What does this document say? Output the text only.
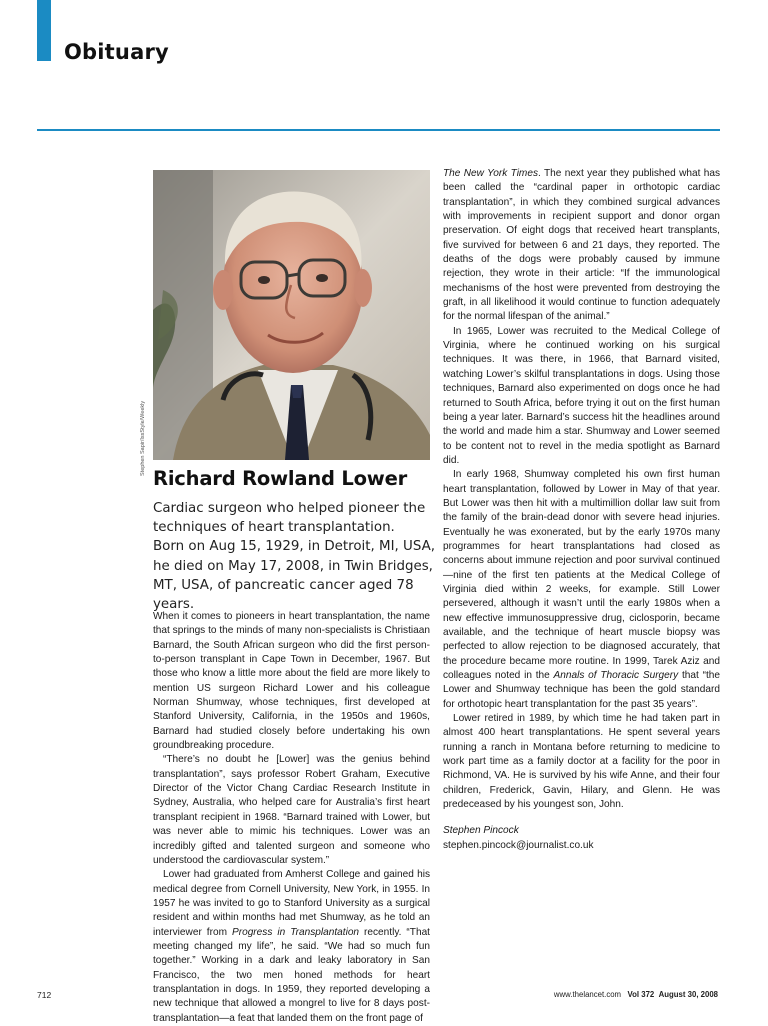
Obituary
Stephen Sapir/IssStyle/Weekly
Richard Rowland Lower

Cardiac surgeon who helped pioneer the techniques of heart transplantation.

Born on Aug 15, 1929, in Detroit, MI, USA, he died on May 17, 2008, in Twin Bridges, MT, USA, of pancreatic cancer aged 78 years.

When it comes to pioneers in heart transplantation, the name that springs to the minds of many non-specialists is Christiaan Barnard, the South African surgeon who did the first person-to-person transplant in Cape Town in December, 1967. But those who know a little more about the field are more likely to mention US surgeon Richard Lower and his colleague Norman Shumway, whose techniques, first developed at Stanford University, California, in the 1950s and 1960s, Barnard had studied closely before undertaking his own groundbreaking procedure.

“There’s no doubt he [Lower] was the genius behind transplantation”, says professor Robert Graham, Executive Director of the Victor Chang Cardiac Research Institute in Sydney, Australia, who helped care for Australia’s first heart transplant recipient in 1968. “Barnard trained with Lower, but was never able to mimic his techniques. Lower was an incredibly gifted and talented surgeon and someone who understood the cardiovascular system.”

Lower had graduated from Amherst College and gained his medical degree from Cornell University, New York, in 1955. In 1957 he was invited to go to Stanford University as a surgical resident and within months had met Shumway, as he told an interviewer from Progress in Transplantation recently. “That meeting changed my life”, he said. “We had so much fun together.” Working in a dark and leaky laboratory in San Francisco, the two men honed methods for heart transplantation in dogs. In 1959, they reported developing a new technique that allowed a mongrel to live for 8 days post-transplantation—a feat that landed them on the front page of

The New York Times. The next year they published what has been called the “cardinal paper in orthotopic cardiac transplantation”, in which they combined surgical advances with improvements in recipient support and donor organ preservation. Of eight dogs that received heart transplants, five survived for between 6 and 21 days, they reported. The deaths of the dogs were probably caused by immune rejection, they wrote in their article: “If the immunological mechanisms of the host were prevented from destroying the graft, in all likelihood it would continue to function adequately for the normal lifespan of the animal.”

In 1965, Lower was recruited to the Medical College of Virginia, where he continued working on his surgical techniques. It was there, in 1966, that Barnard visited, watching Lower’s skilful transplantations in dogs. Using those techniques, Barnard also experimented on dogs once he had returned to South Africa, before trying it out on the first human being a year later. Barnard’s success hit the headlines around the world and made him a star. Shumway and Lower seemed to be content not to revel in the media spotlight as Barnard did.

In early 1968, Shumway completed his own first human heart transplantation, followed by Lower in May of that year. But Lower was then hit with a multimillion dollar law suit from the family of the brain-dead donor with severe head injuries. Eventually he was exonerated, but by the early 1970s many programmes for heart transplantations had closed as concerns about immune rejection and poor survival continued—nine of the first ten patients at the Medical College of Virginia died within 2 weeks, for example. Still Lower persevered, although it wasn’t until the early 1980s when a new effective immunosuppressive drug, ciclosporin, became available, and the technique of heart muscle biopsy was perfected to allow rejection to be diagnosed accurately, that the procedure became more routine. In 1999, Tarek Aziz and colleagues noted in the Annals of Thoracic Surgery that “the Lower and Shumway technique has been the gold standard for orthotopic heart transplantation for the past 35 years”.

Lower retired in 1989, by which time he had taken part in almost 400 heart transplantations. He spent several years running a ranch in Montana before returning to medicine to work part time as a family doctor at a facility for the poor in Richmond, VA. He is survived by his wife Anne, and their four children, Frederick, Gavin, Hilary, and Glenn. He was predeceased by his youngest son, John.

Stephen Pincock

stephen.pincock@journalist.co.uk

712	www.thelancet.com Vol 372 August 30, 2008
